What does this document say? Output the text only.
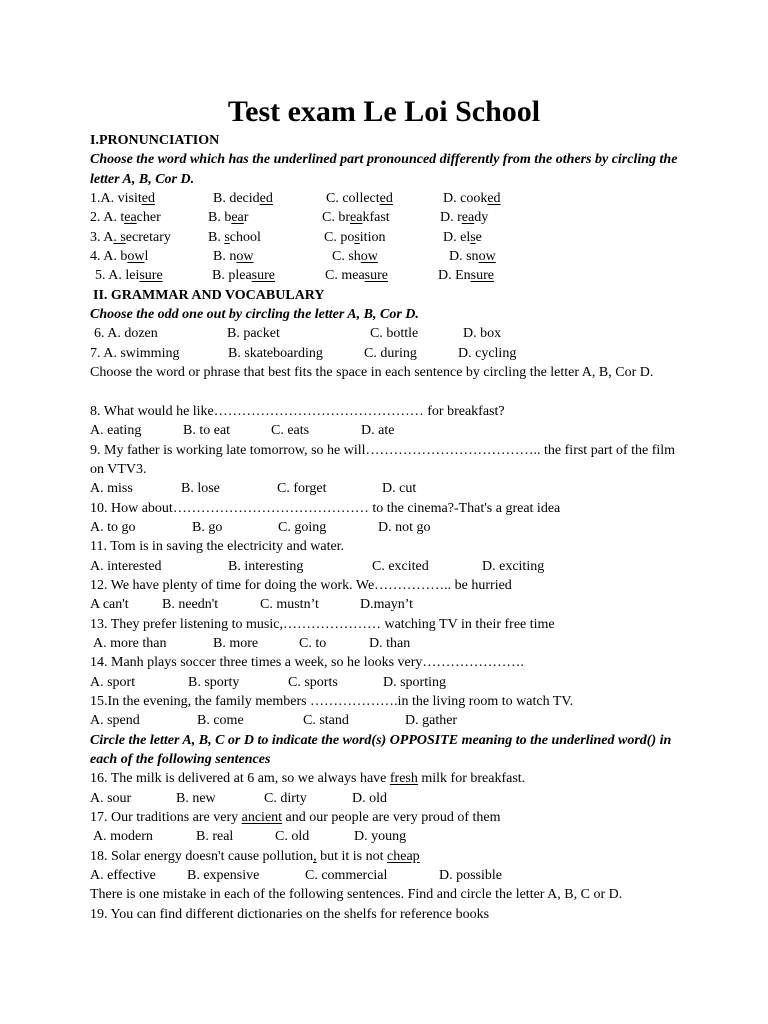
Test exam Le Loi School
I.PRONUNCIATION
Choose the word which has the underlined part pronounced differently from the others by circling the letter A, B, Cor D.
1.A. visited	B. decided	C. collected	D. cooked
2. A. teacher	B. bear	C. breakfast	D. ready
3. A. secretary	B. school	C. position	D. else
4. A. bowl	B. now	C. show	D. snow
5. A. leisure	B. pleasure	C. measure	D. Ensure
II. GRAMMAR AND VOCABULARY
Choose the odd one out by circling the letter A, B, Cor D.
6. A. dozen	B. packet	C. bottle	D. box
7. A. swimming	B. skateboarding	C. during	D. cycling
Choose the word or phrase that best fits the space in each sentence by circling the letter A, B, Cor D.
8. What would he like……………………………………… for breakfast?
A. eating	B. to eat	C. eats	D. ate
9. My father is working late tomorrow, so he will……………………………….. the first part of the film on VTV3.
A. miss	B. lose	C. forget	D. cut
10. How about…………………………………… to the cinema?-That's a great idea
A. to go	B. go	C. going	D. not go
11. Tom is in saving the electricity and water.
A. interested	B. interesting	C. excited	D. exciting
12. We have plenty of time for doing the work. We…………….. be hurried
A can't B. needn't	C. mustn’t	D.mayn’t
13. They prefer listening to music,………………… watching TV in their free time
A. more than	B. more	C. to	D. than
14. Manh plays soccer three times a week, so he looks very………………….
A. sport	B. sporty	C. sports	D. sporting
15.In the evening, the family members ……………….in the living room to watch TV.
A. spend	B. come	C. stand	D. gather
Circle the letter A, B, C or D to indicate the word(s) OPPOSITE meaning to the underlined word() in each of the following sentences
16. The milk is delivered at 6 am, so we always have fresh milk for breakfast.
A. sour	B. new	C. dirty	D. old
17. Our traditions are very ancient and our people are very proud of them
A. modern	B. real	C. old	D. young
18. Solar energy doesn't cause pollution, but it is not cheap
A. effective B. expensive	C. commercial	D. possible
There is one mistake in each of the following sentences. Find and circle the letter A, B, C or D.
19. You can find different dictionaries on the shelfs for reference books
